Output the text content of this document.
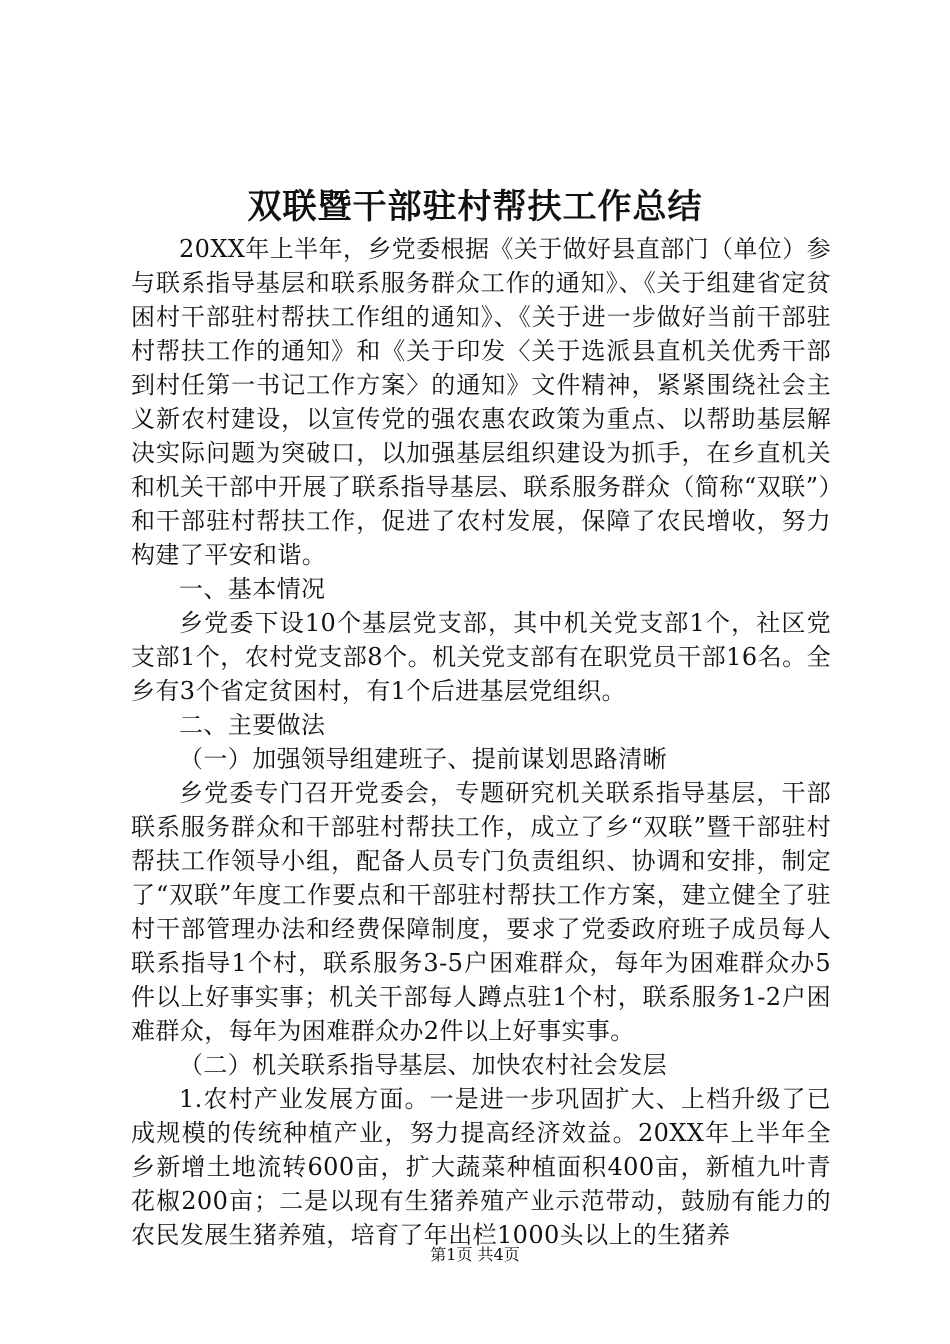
双联暨干部驻村帮扶工作总结

20XX年上半年，乡党委根据《关于做好县直部门（单位）参与联系指导基层和联系服务群众工作的通知》、《关于组建省定贫困村干部驻村帮扶工作组的通知》、《关于进一步做好当前干部驻村帮扶工作的通知》和《关于印发〈关于选派县直机关优秀干部到村任第一书记工作方案〉的通知》文件精神，紧紧围绕社会主义新农村建设，以宣传党的强农惠农政策为重点、以帮助基层解决实际问题为突破口，以加强基层组织建设为抓手，在乡直机关和机关干部中开展了联系指导基层、联系服务群众（简称“双联”）和干部驻村帮扶工作，促进了农村发展，保障了农民增收，努力构建了平安和谐。

一、基本情况

乡党委下设10个基层党支部，其中机关党支部1个，社区党支部1个，农村党支部8个。机关党支部有在职党员干部16名。全乡有3个省定贫困村，有1个后进基层党组织。

二、主要做法

（一）加强领导组建班子、提前谋划思路清晰

乡党委专门召开党委会，专题研究机关联系指导基层，干部联系服务群众和干部驻村帮扶工作，成立了乡“双联”暨干部驻村帮扶工作领导小组，配备人员专门负责组织、协调和安排，制定了“双联”年度工作要点和干部驻村帮扶工作方案，建立健全了驻村干部管理办法和经费保障制度，要求了党委政府班子成员每人联系指导1个村，联系服务3-5户困难群众，每年为困难群众办5件以上好事实事；机关干部每人蹲点驻1个村，联系服务1-2户困难群众，每年为困难群众办2件以上好事实事。

（二）机关联系指导基层、加快农村社会发层

1.农村产业发展方面。一是进一步巩固扩大、上档升级了已成规模的传统种植产业，努力提高经济效益。20XX年上半年全乡新增土地流转600亩，扩大蔬菜种植面积400亩，新植九叶青花椒200亩；二是以现有生猪养殖产业示范带动，鼓励有能力的农民发展生猪养殖，培育了年出栏1000头以上的生猪养

第1页 共4页
